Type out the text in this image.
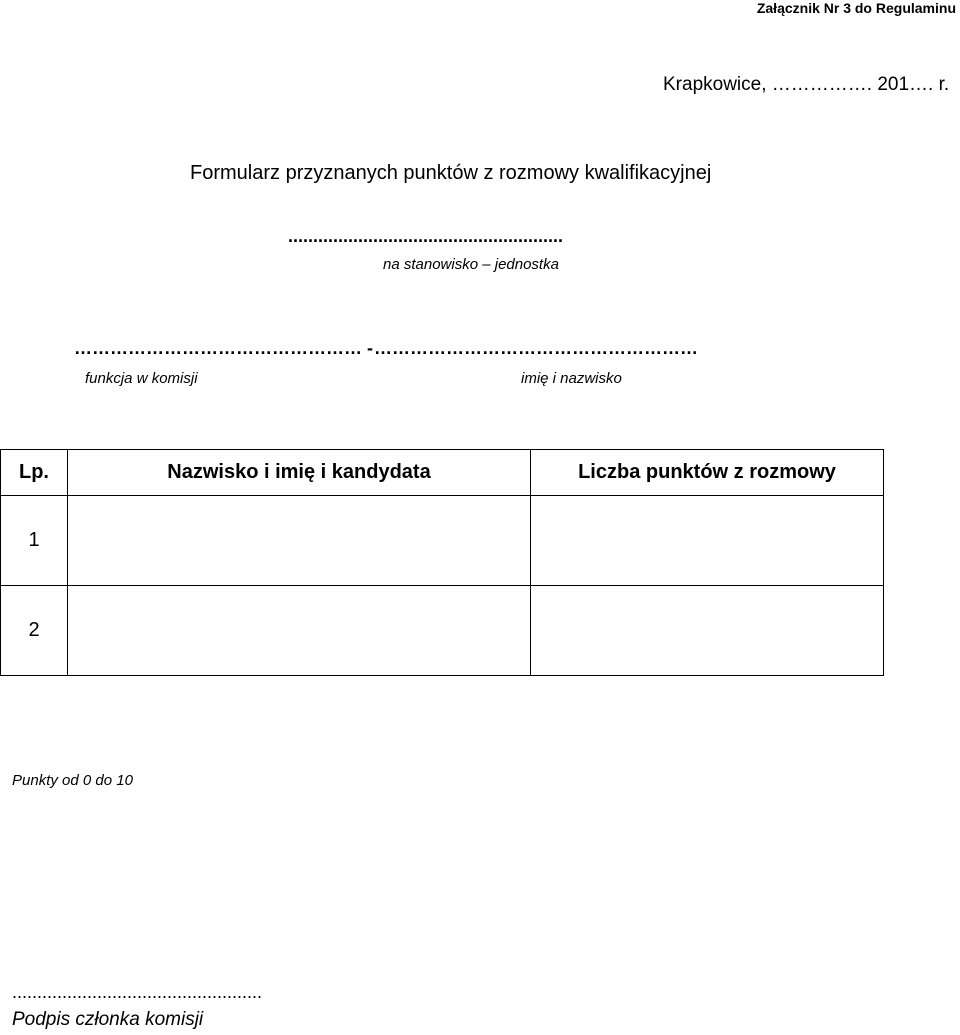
Załącznik Nr 3 do Regulaminu
Krapkowice, ……………. 201…. r.
Formularz przyznanych punktów z rozmowy kwalifikacyjnej
.......................................................
na stanowisko – jednostka
………………………………………… - ………………………………………………
funkcja w komisji	imię i nazwisko
Lp.	Nazwisko i imię i kandydata	Liczba punktów z rozmowy
1		
2		
Punkty od 0 do 10
..................................................
Podpis członka komisji
